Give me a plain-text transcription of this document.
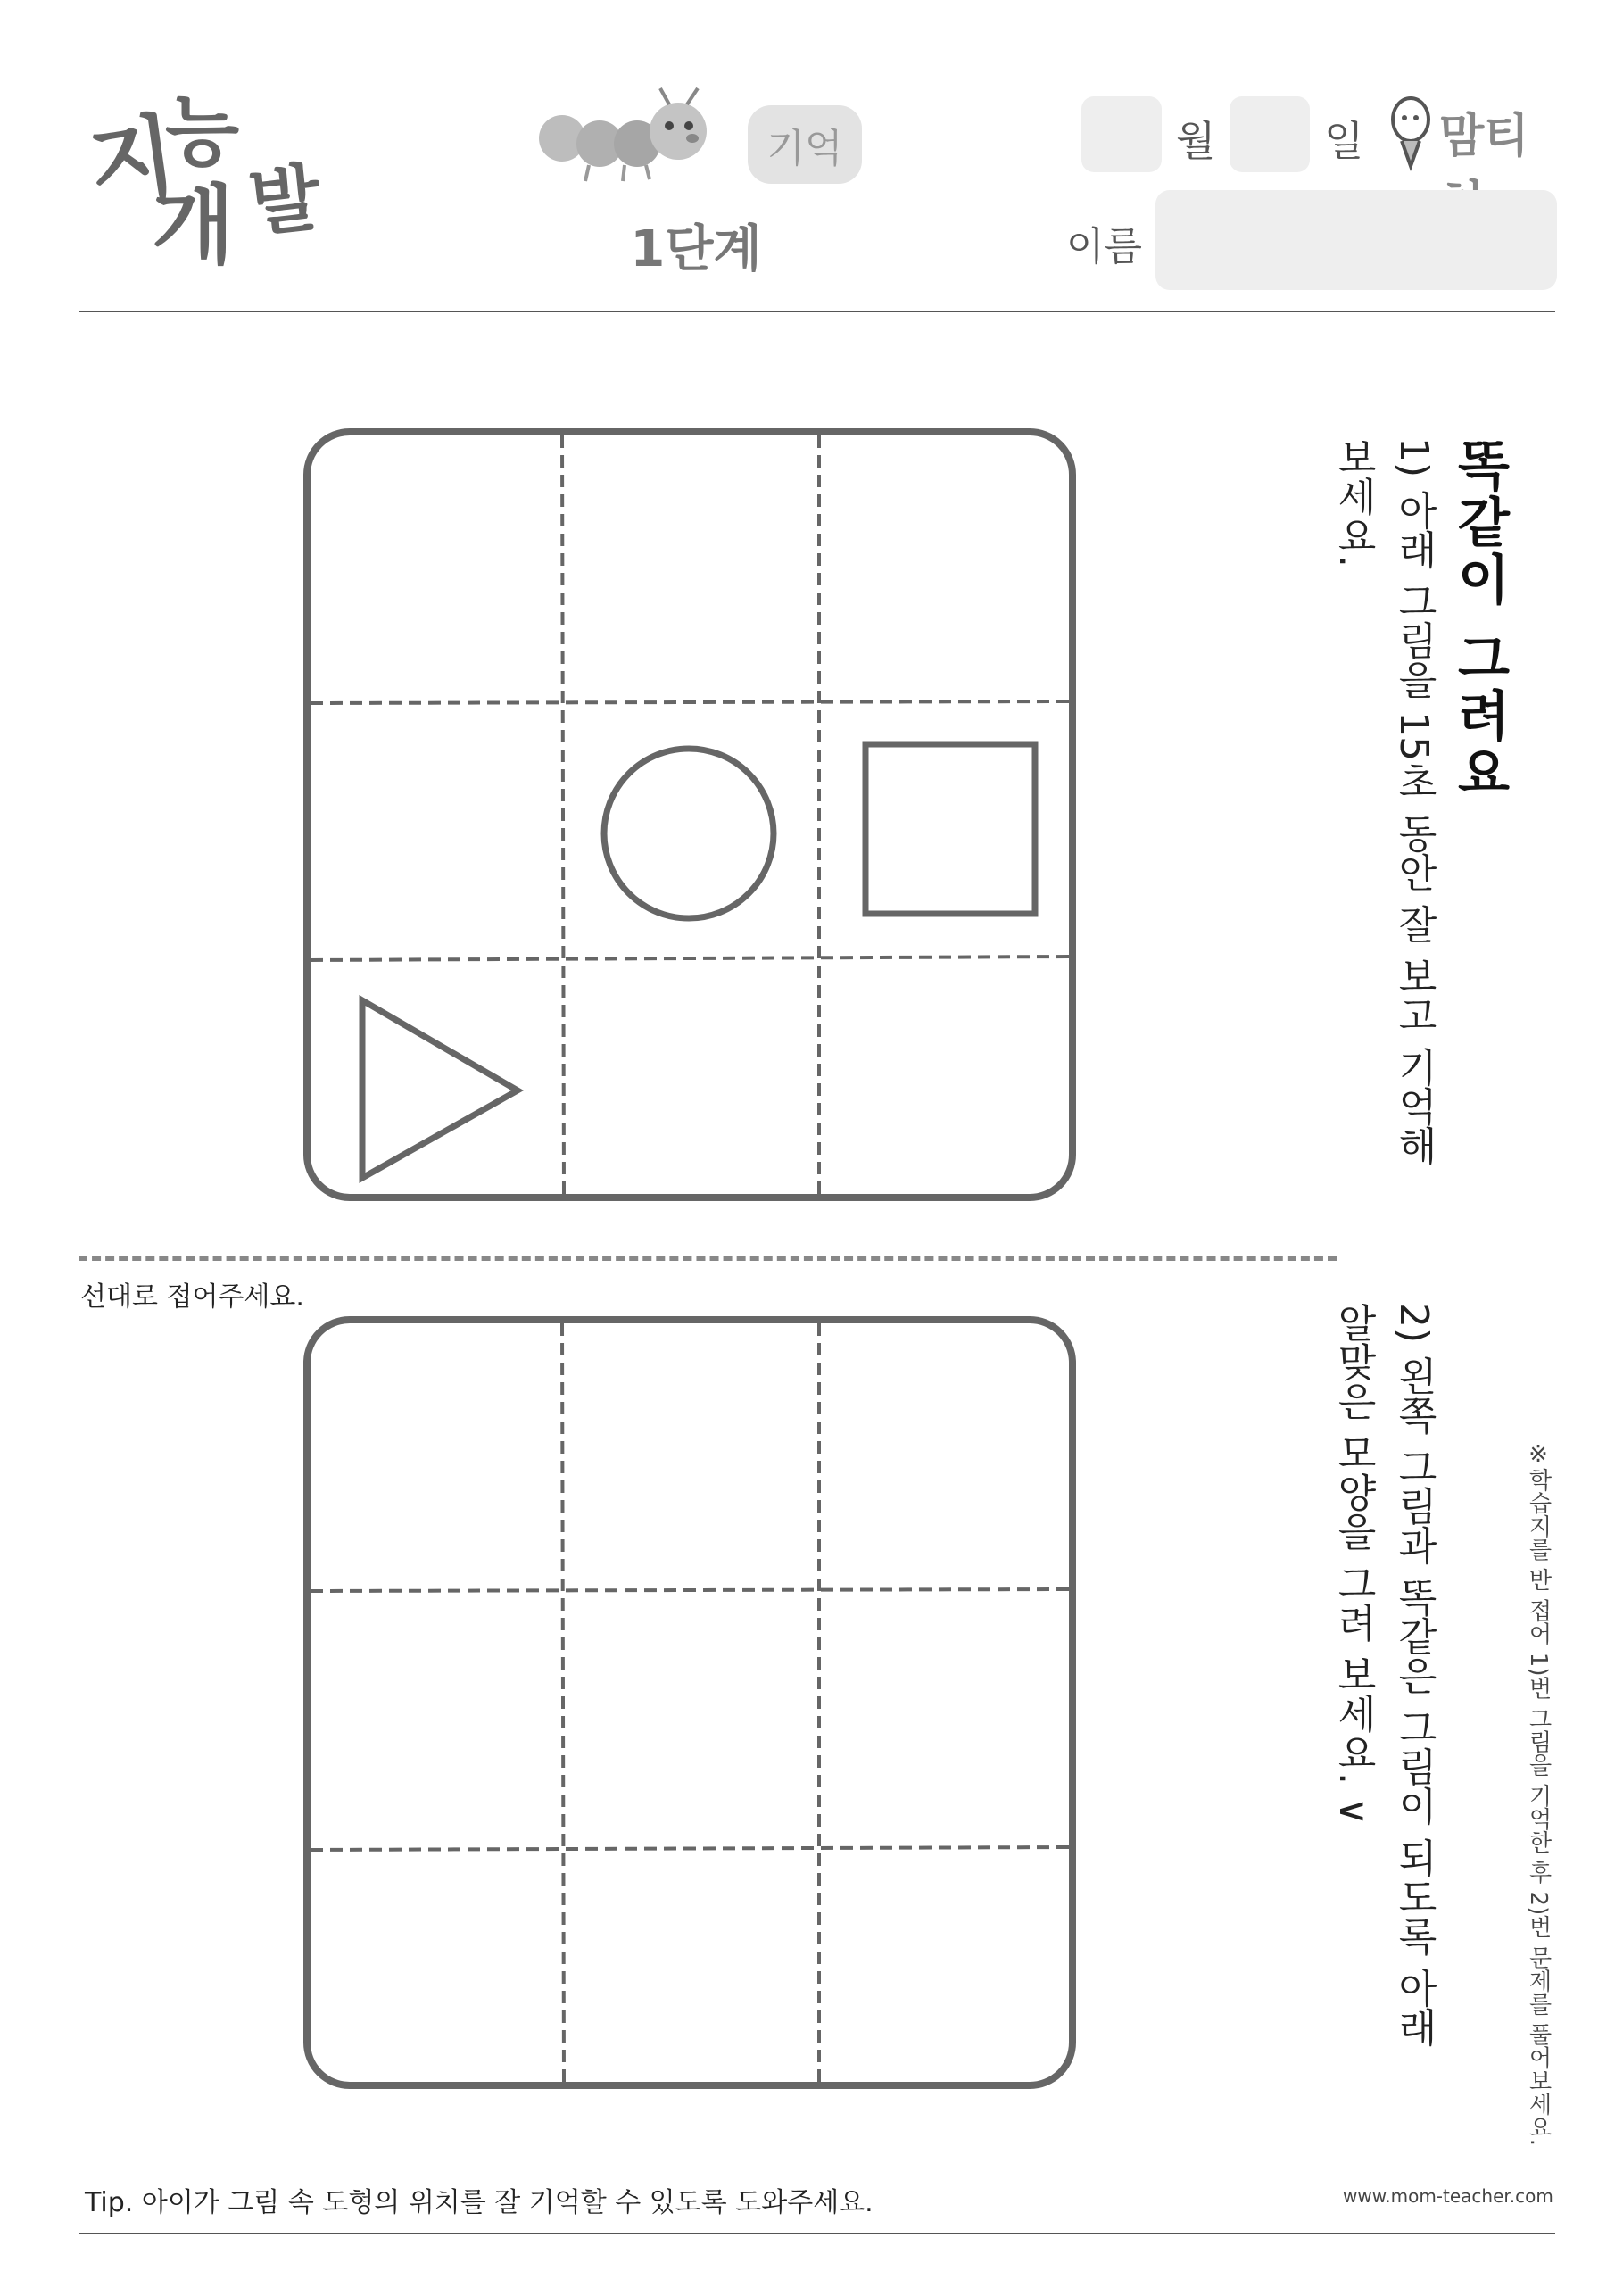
지
능
개 발
기억
1단계
월	일 맘티
이름
똑같이 그려요
1) 아래 그림을 15초 동안 잘 보고 기억해
보세요.
2) 왼쪽 그림과 똑같은 그림이 되도록 아래
알맞은 모양을 그려 보세요. ∨	※학습지를 반 접어 1)번 그림을 기억한 후 2)번 문제를 풀어보세요.
선대로 접어주세요.
Tip. 아이가 그림 속 도형의 위치를 잘 기억할 수 있도록 도와주세요.	www.mom-teacher.com
